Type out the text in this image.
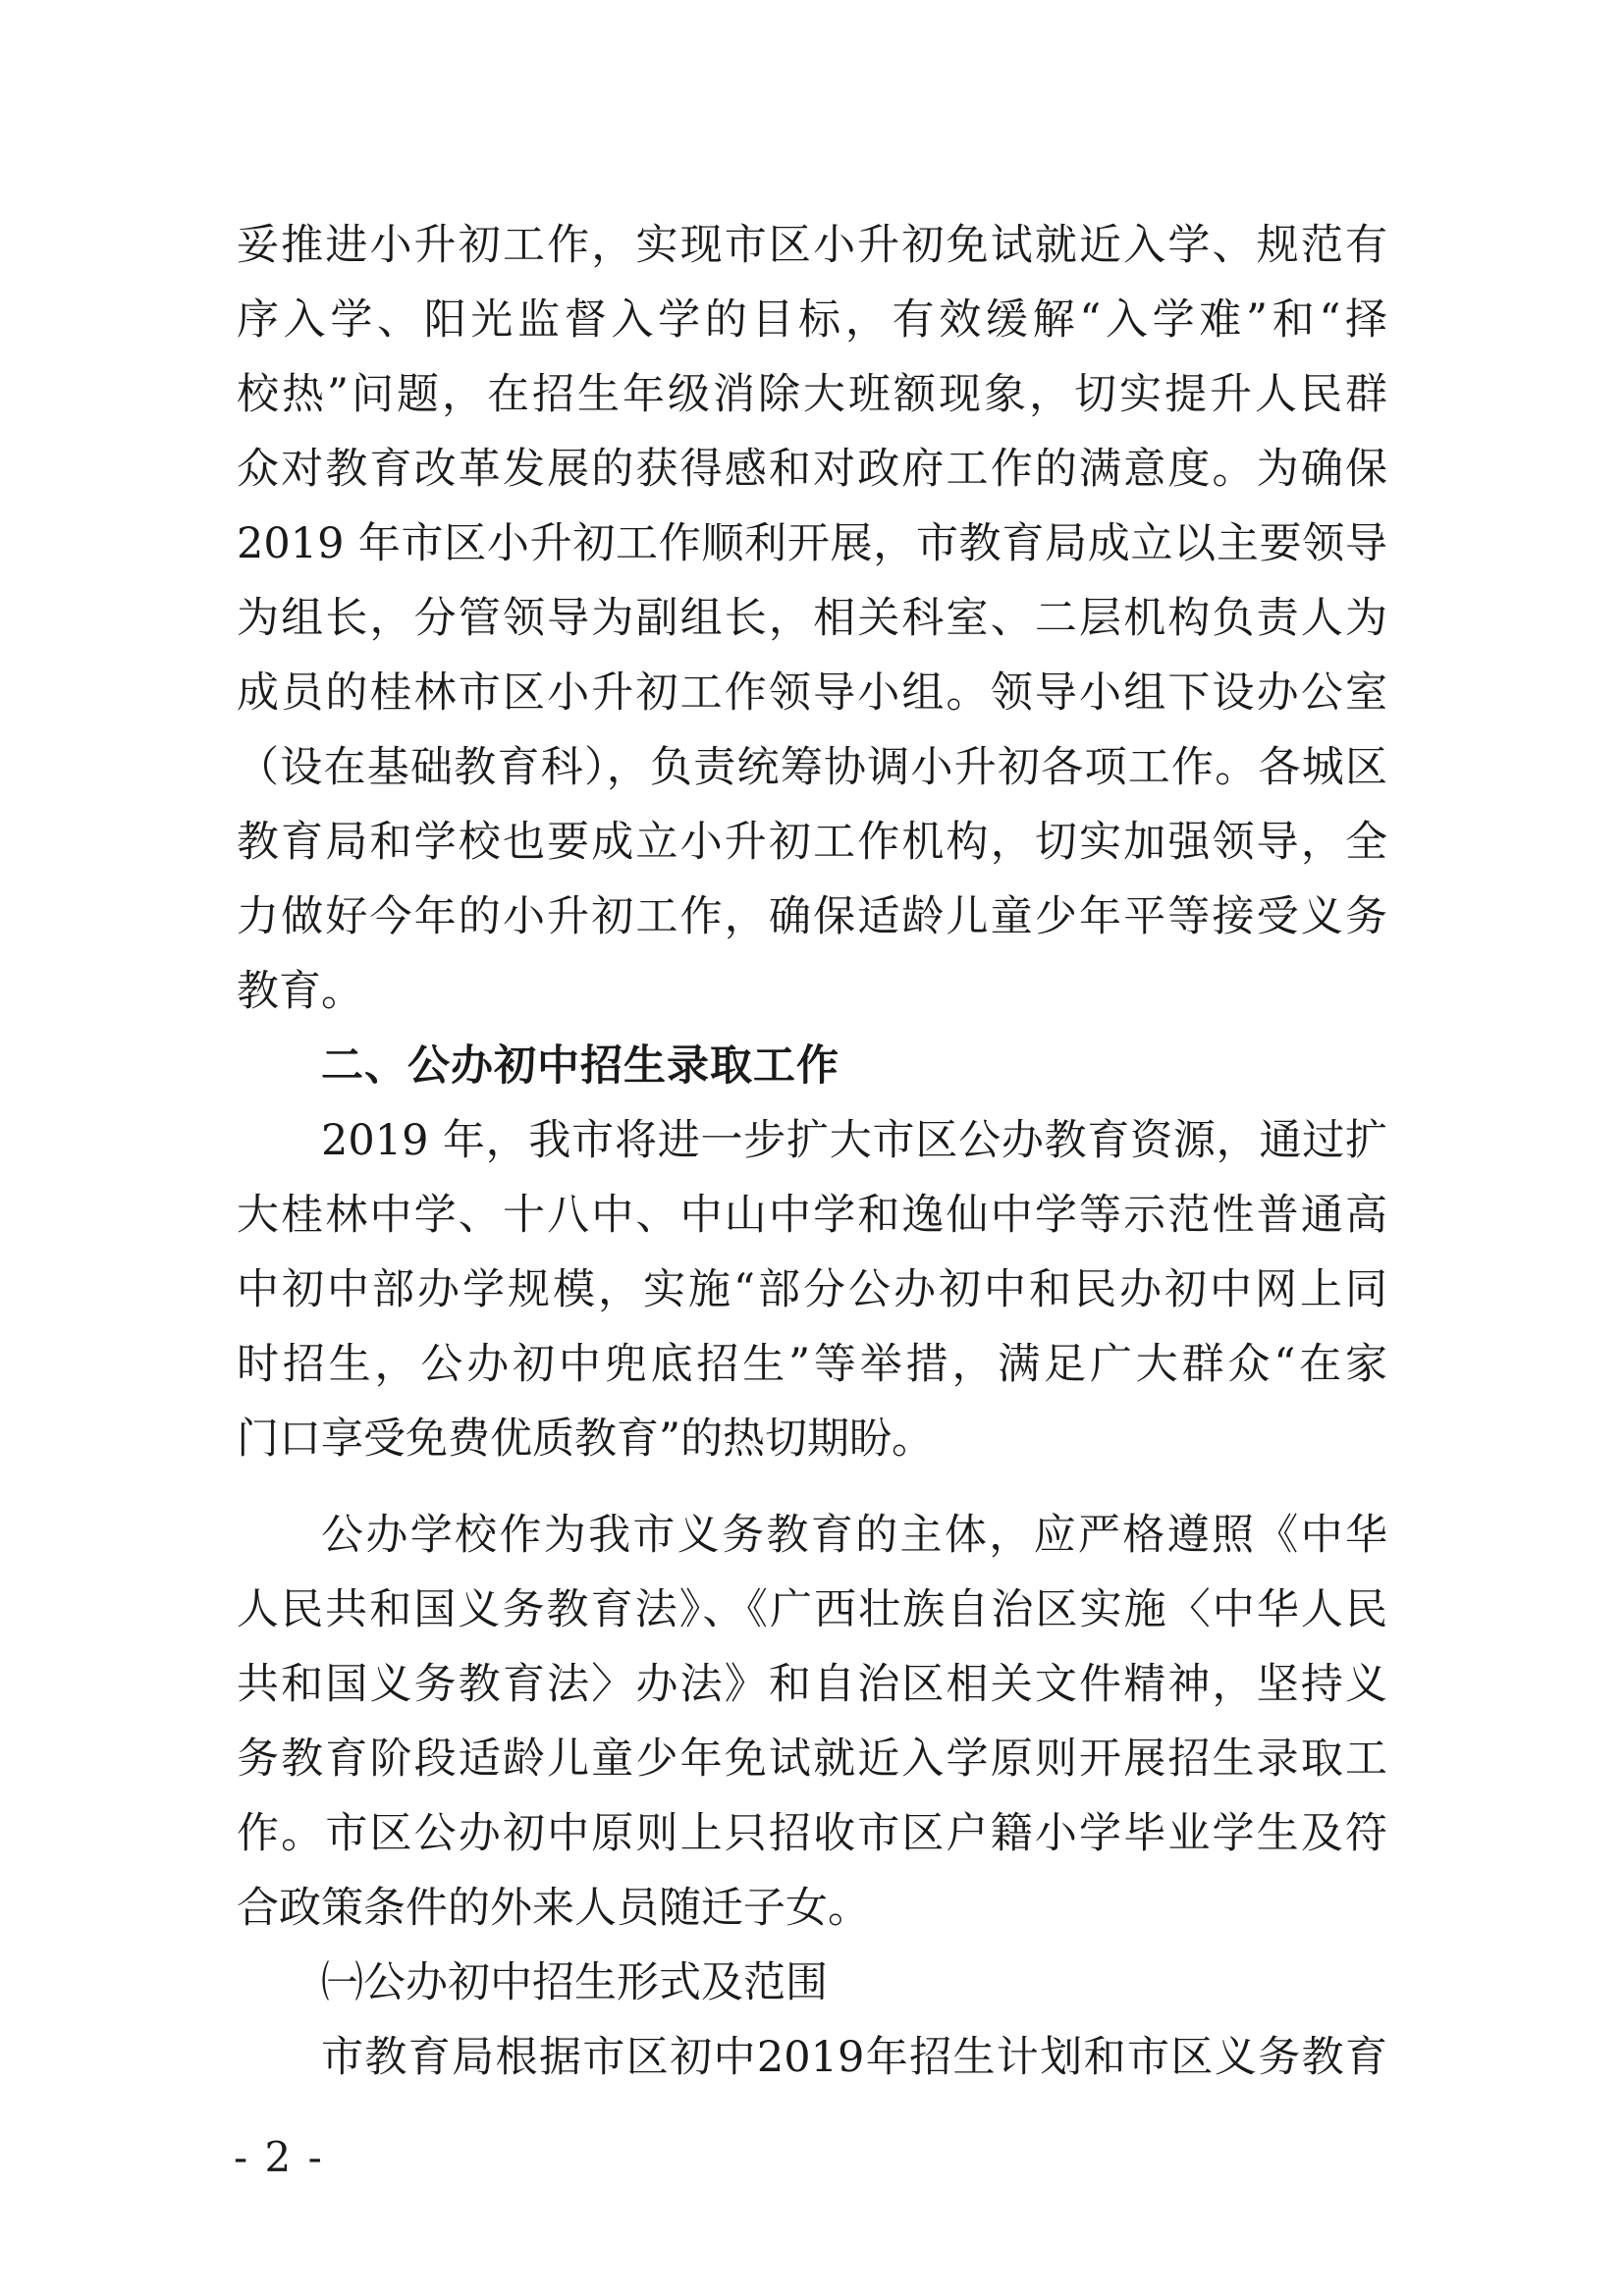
妥推进小升初工作，实现市区小升初免试就近入学、规范有
序入学、阳光监督入学的目标，有效缓解“入学难”和“择
校热”问题，在招生年级消除大班额现象，切实提升人民群
众对教育改革发展的获得感和对政府工作的满意度。为确保
2019 年市区小升初工作顺利开展，市教育局成立以主要领导
为组长，分管领导为副组长，相关科室、二层机构负责人为
成员的桂林市区小升初工作领导小组。领导小组下设办公室
（设在基础教育科），负责统筹协调小升初各项工作。各城区
教育局和学校也要成立小升初工作机构，切实加强领导，全
力做好今年的小升初工作，确保适龄儿童少年平等接受义务
教育。
二、公办初中招生录取工作
2019 年，我市将进一步扩大市区公办教育资源，通过扩
大桂林中学、十八中、中山中学和逸仙中学等示范性普通高
中初中部办学规模，实施“部分公办初中和民办初中网上同
时招生，公办初中兜底招生”等举措，满足广大群众“在家
门口享受免费优质教育”的热切期盼。
公办学校作为我市义务教育的主体，应严格遵照《中华
人民共和国义务教育法》、《广西壮族自治区实施〈中华人民
共和国义务教育法〉办法》和自治区相关文件精神，坚持义
务教育阶段适龄儿童少年免试就近入学原则开展招生录取工
作。市区公办初中原则上只招收市区户籍小学毕业学生及符
合政策条件的外来人员随迁子女。
㈠公办初中招生形式及范围
市教育局根据市区初中2019年招生计划和市区义务教育
- 2 -
